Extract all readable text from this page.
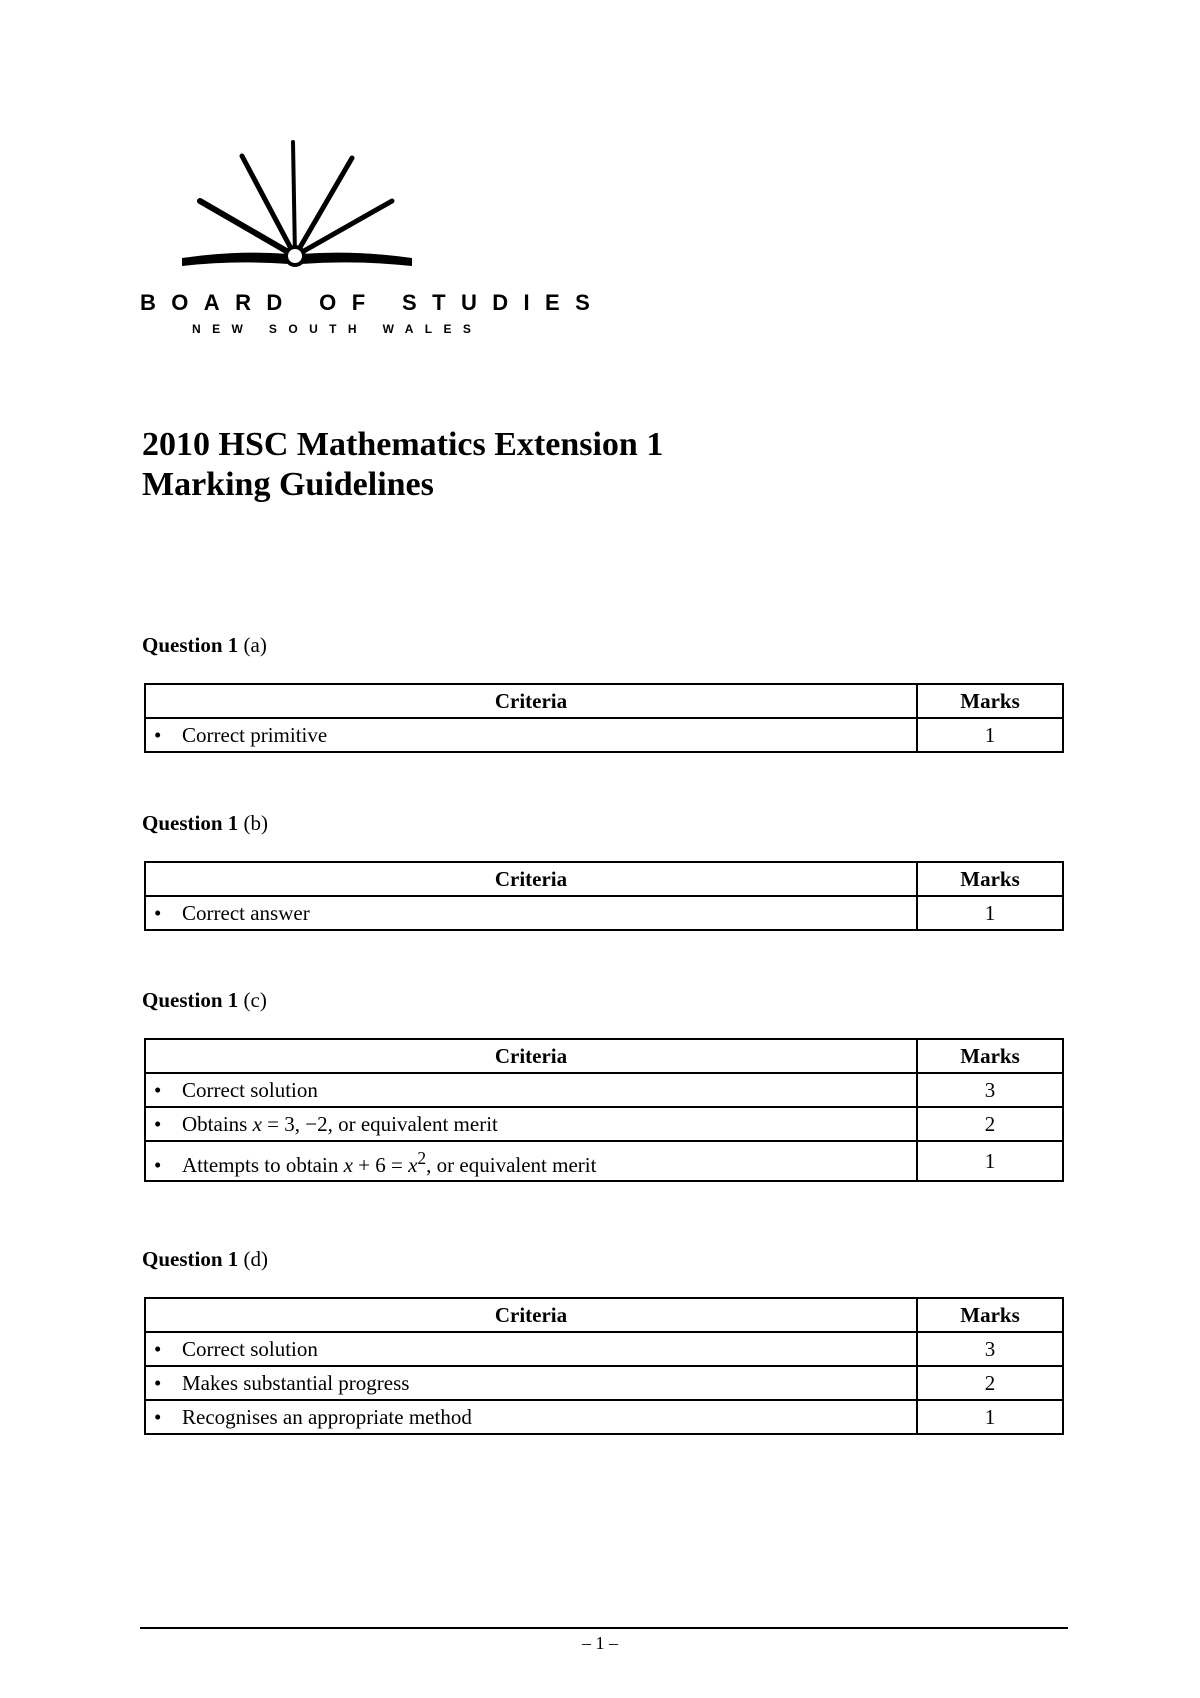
BOARD OF STUDIES
NEW SOUTH WALES
2010 HSC Mathematics Extension 1
Marking Guidelines
Question 1 (a)
Criteria	Marks
• Correct primitive	1
Question 1 (b)
Criteria	Marks
• Correct answer	1
Question 1 (c)
Criteria	Marks
• Correct solution	3
• Obtains x = 3, −2, or equivalent merit	2
• Attempts to obtain $x + 6 = x^2$, or equivalent merit	1
Question 1 (d)
Criteria	Marks
• Correct solution	3
• Makes substantial progress	2
• Recognises an appropriate method	1
– 1 –
